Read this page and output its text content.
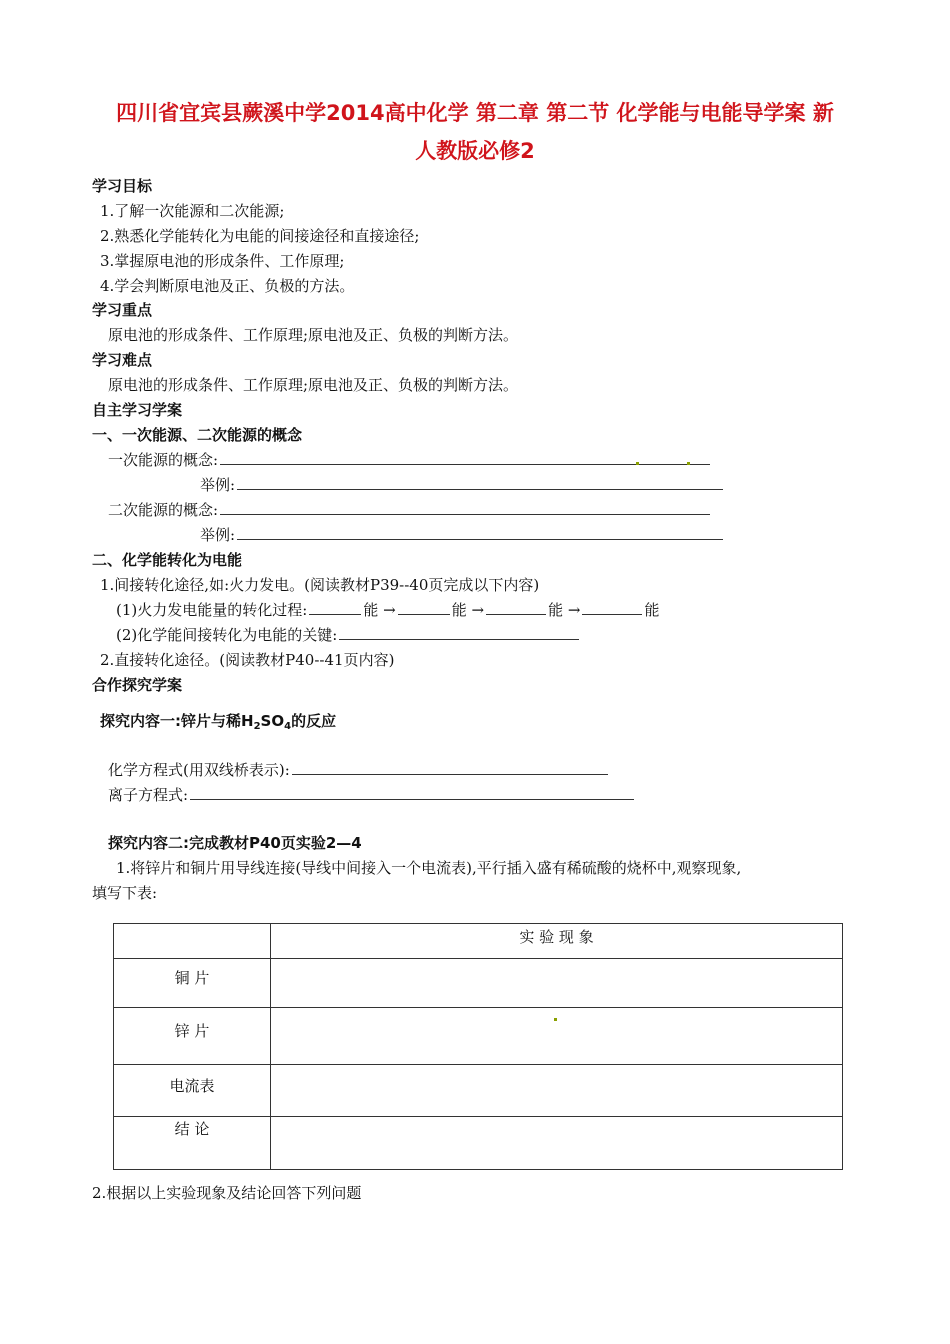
四川省宜宾县蕨溪中学2014高中化学 第二章 第二节 化学能与电能导学案 新
人教版必修2
学习目标
1.了解一次能源和二次能源;
2.熟悉化学能转化为电能的间接途径和直接途径;
3.掌握原电池的形成条件、工作原理;
4.学会判断原电池及正、负极的方法。
学习重点
原电池的形成条件、工作原理;原电池及正、负极的判断方法。
学习难点
原电池的形成条件、工作原理;原电池及正、负极的判断方法。
自主学习学案
一、一次能源、二次能源的概念
一次能源的概念:
举例:
二次能源的概念:
举例:
二、化学能转化为电能
1.间接转化途径,如:火力发电。(阅读教材P39--40页完成以下内容)
(1)火力发电能量的转化过程:	能 →	能 →	能 →	能
(2)化学能间接转化为电能的关键:
2.直接转化途径。(阅读教材P40--41页内容)
合作探究学案
探究内容一:锌片与稀$H_2SO_4$的反应
化学方程式(用双线桥表示):
离子方程式:
探究内容二:完成教材P40页实验2—4
1.将锌片和铜片用导线连接(导线中间接入一个电流表),平行插入盛有稀硫酸的烧杯中,观察现象,
填写下表:
	实 验 现 象
铜 片	
锌 片	

电流表	
结 论	
2.根据以上实验现象及结论回答下列问题
